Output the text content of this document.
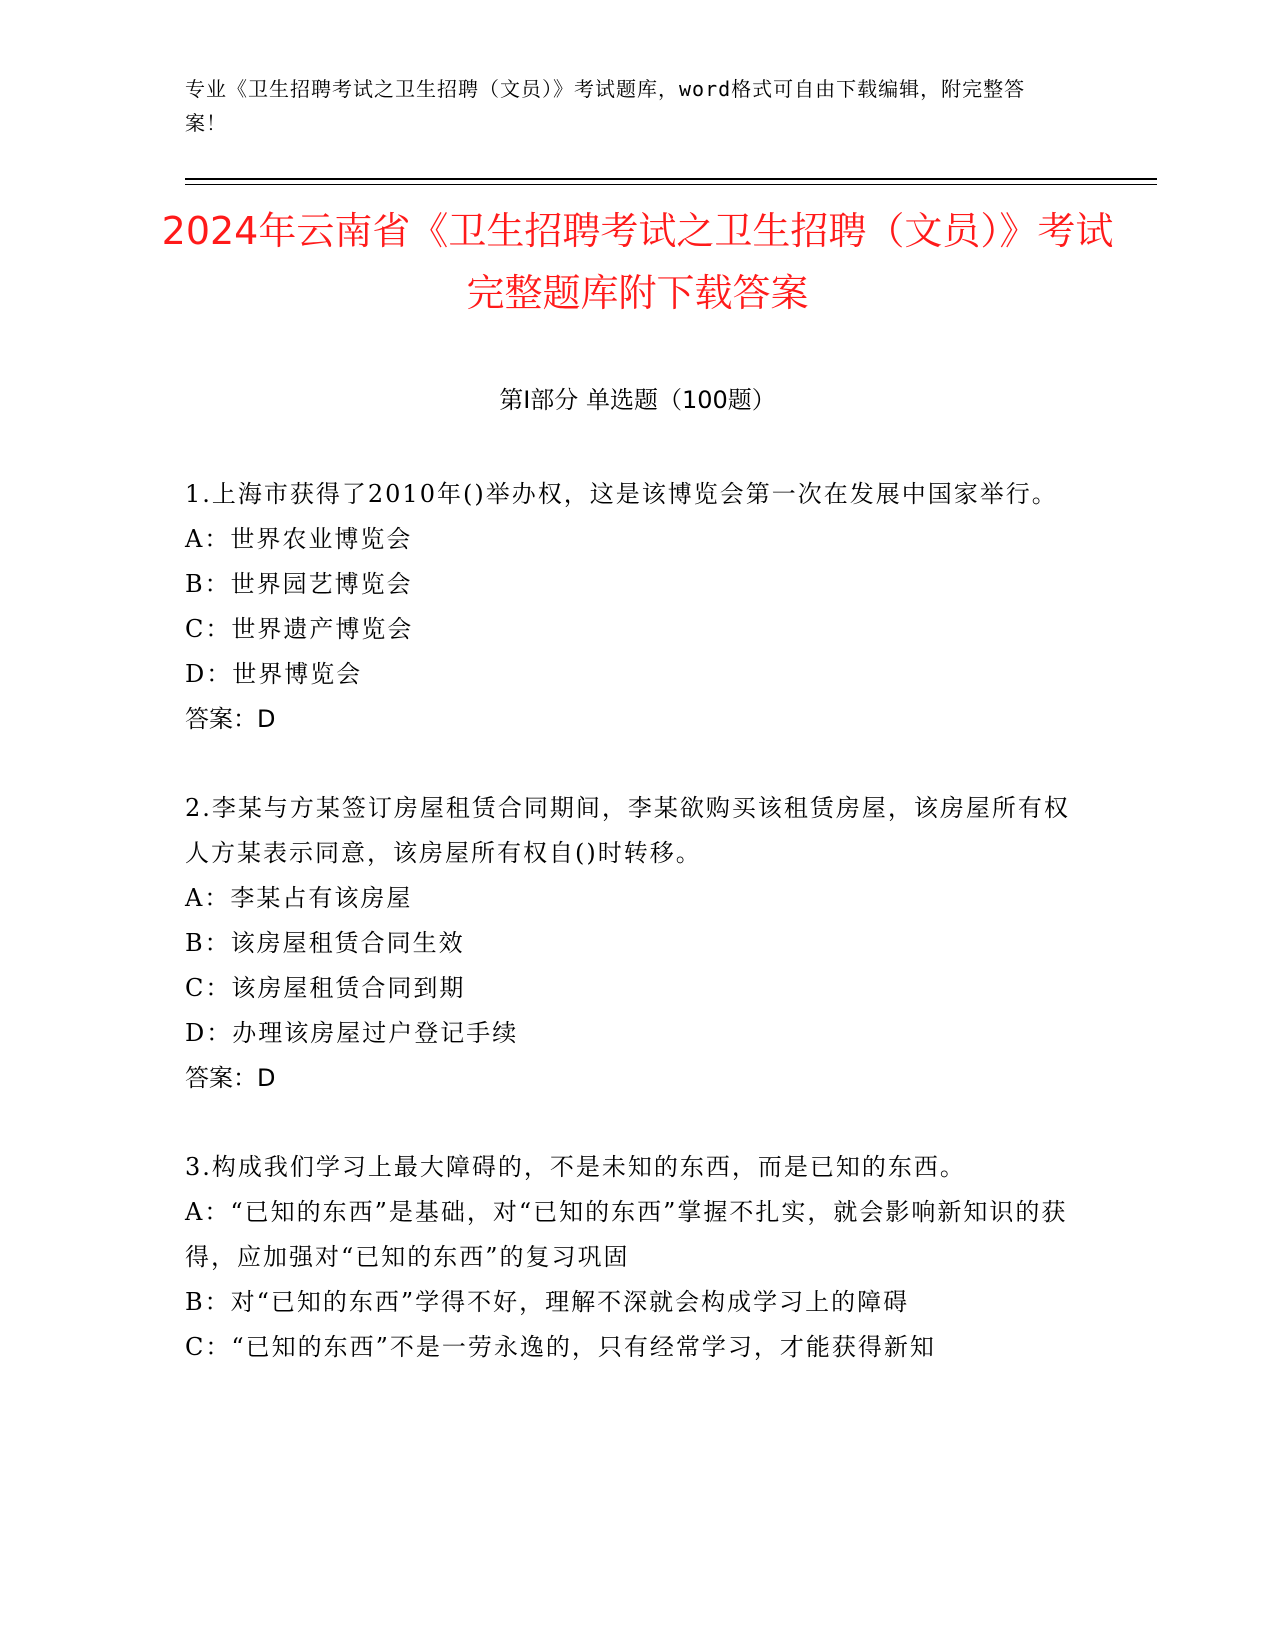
专业《卫生招聘考试之卫生招聘（文员）》考试题库，word格式可自由下载编辑，附完整答案！
2024年云南省《卫生招聘考试之卫生招聘（文员）》考试完整题库附下载答案
第I部分 单选题（100题）
1.上海市获得了2010年()举办权，这是该博览会第一次在发展中国家举行。
A：世界农业博览会
B：世界园艺博览会
C：世界遗产博览会
D：世界博览会
答案：D
2.李某与方某签订房屋租赁合同期间，李某欲购买该租赁房屋，该房屋所有权人方某表示同意，该房屋所有权自()时转移。
A：李某占有该房屋
B：该房屋租赁合同生效
C：该房屋租赁合同到期
D：办理该房屋过户登记手续
答案：D
3.构成我们学习上最大障碍的，不是未知的东西，而是已知的东西。
A：“已知的东西”是基础，对“已知的东西”掌握不扎实，就会影响新知识的获得，应加强对“已知的东西”的复习巩固
B：对“已知的东西”学得不好，理解不深就会构成学习上的障碍
C：“已知的东西”不是一劳永逸的，只有经常学习，才能获得新知
